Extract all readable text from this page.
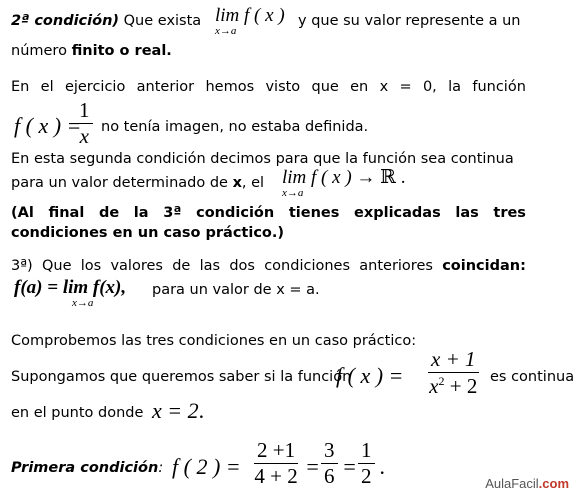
2ª condición) Que exista lim f ( x )
x→a
y que su valor represente a un
número finito o real.
En el ejercicio anterior hemos visto que en x = 0, la función
f ( x ) =
$\frac{1}{x}$ no tenía imagen, no estaba definida.
En esta segunda condición decimos para que la función sea continua
para un valor determinado de x, el lim f ( x ) → ℝ .
x→a
(Al final de la 3ª condición tienes explicadas las tres
condiciones en un caso práctico.)
3ª) Que los valores de las dos condiciones anteriores coincidan:
f(a) = lim f(x),
x→a
para un valor de x = a.
Comprobemos las tres condiciones en un caso práctico:
Supongamos que queremos saber si la función
f ( x ) = $\frac{x + 1}{x^2 + 2}$ es continua
en el punto donde x = 2.
Primera condición: f ( 2 ) = $\frac{2 +1}{4 + 2} = \frac{3}{6} = \frac{1}{2}$ .
AulaFacil.com
